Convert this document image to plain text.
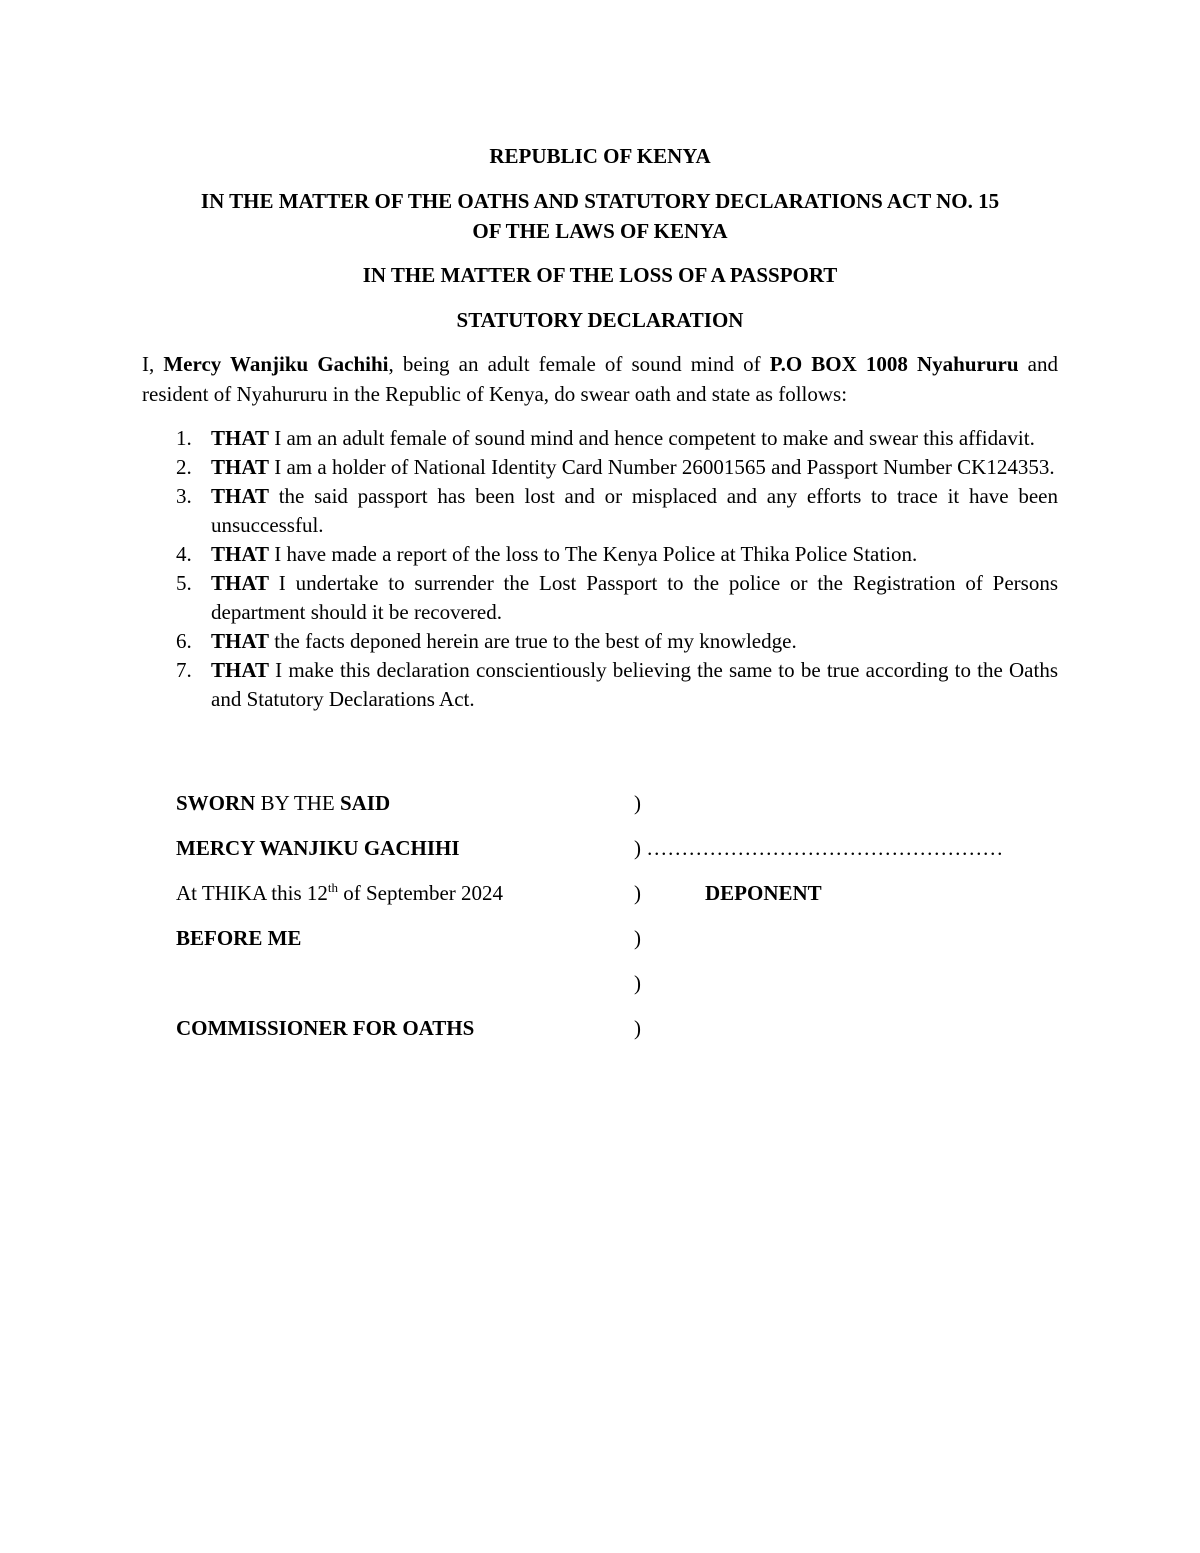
REPUBLIC OF KENYA

IN THE MATTER OF THE OATHS AND STATUTORY DECLARATIONS ACT NO. 15
OF THE LAWS OF KENYA

IN THE MATTER OF THE LOSS OF A PASSPORT

STATUTORY DECLARATION

I, Mercy Wanjiku Gachihi, being an adult female of sound mind of P.O BOX 1008 Nyahururu and resident of Nyahururu in the Republic of Kenya, do swear oath and state as follows:

1. THAT I am an adult female of sound mind and hence competent to make and swear this affidavit.
2. THAT I am a holder of National Identity Card Number 26001565 and Passport Number CK124353.
3. THAT the said passport has been lost and or misplaced and any efforts to trace it have been unsuccessful.
4. THAT I have made a report of the loss to The Kenya Police at Thika Police Station.
5. THAT I undertake to surrender the Lost Passport to the police or the Registration of Persons department should it be recovered.
6. THAT the facts deponed herein are true to the best of my knowledge.
7. THAT I make this declaration conscientiously believing the same to be true according to the Oaths and Statutory Declarations Act.
SWORN BY THE SAID	)
MERCY WANJIKU GACHIHI	) ……………………………………………
At THIKA this 12th of September 2024	)	DEPONENT
BEFORE ME	)
)
COMMISSIONER FOR OATHS	)
